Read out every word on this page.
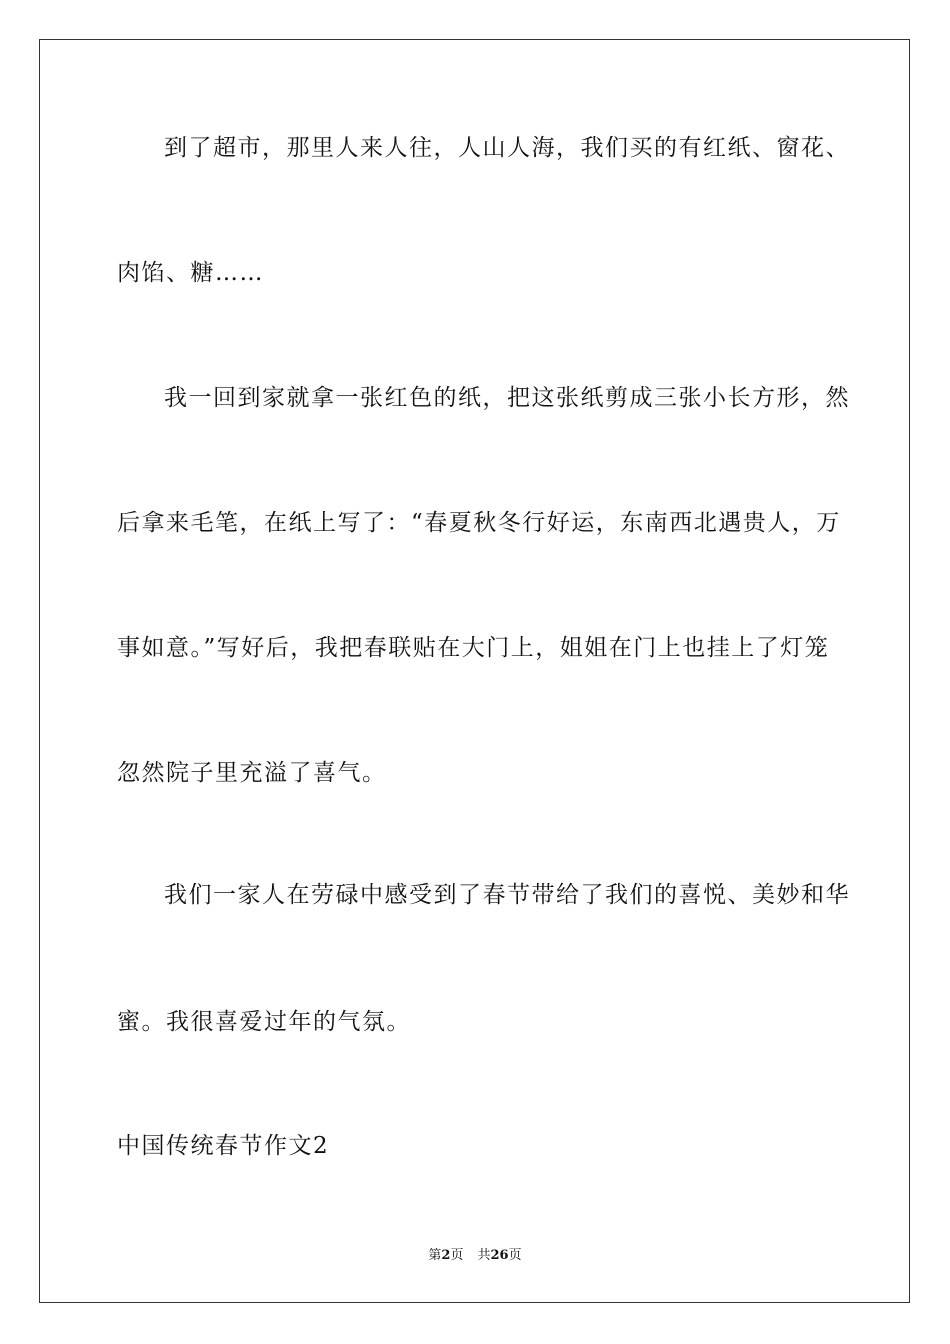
到了超市，那里人来人往，人山人海，我们买的有红纸、窗花、
肉馅、糖……
我一回到家就拿一张红色的纸，把这张纸剪成三张小长方形，然
后拿来毛笔，在纸上写了：“春夏秋冬行好运，东南西北遇贵人，万
事如意。”写好后，我把春联贴在大门上，姐姐在门上也挂上了灯笼
忽然院子里充溢了喜气。
我们一家人在劳碌中感受到了春节带给了我们的喜悦、美妙和华
蜜。我很喜爱过年的气氛。
中国传统春节作文2
第2页 共26页
